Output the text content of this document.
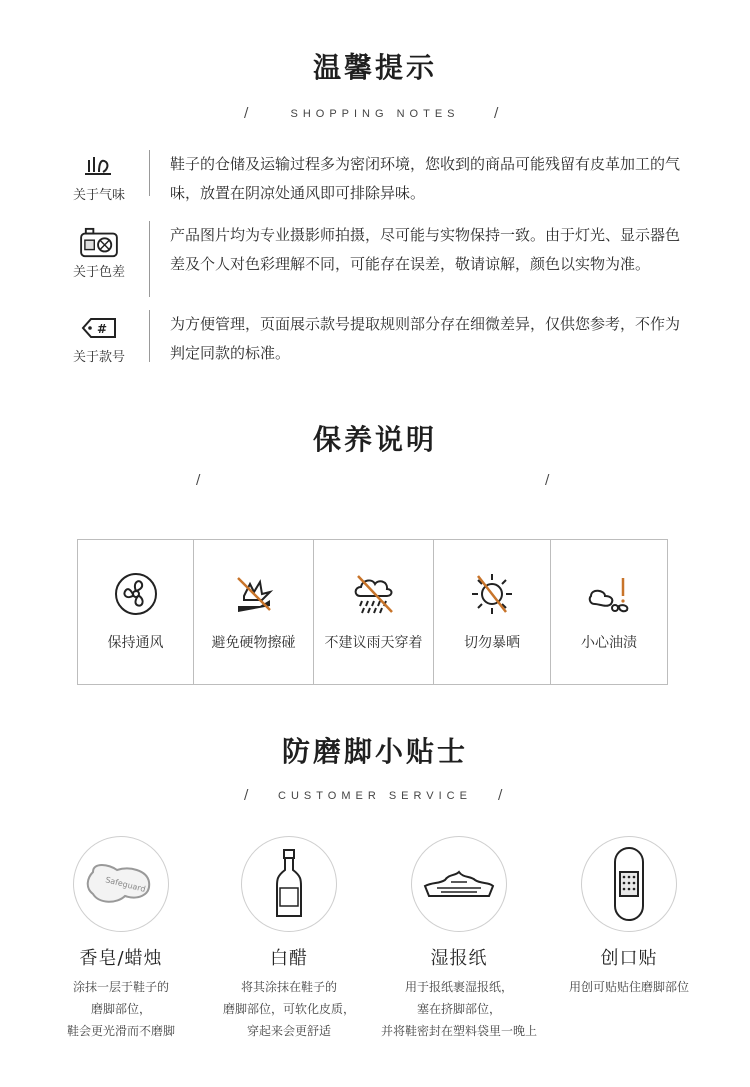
温馨提示
/	SHOPPING NOTES	/
关于气味
鞋子的仓储及运输过程多为密闭环境，您收到的商品可能残留有皮革加工的气味，放置在阴凉处通风即可排除异味。
关于色差
产品图片均为专业摄影师拍摄，尽可能与实物保持一致。由于灯光、显示器色差及个人对色彩理解不同，可能存在误差，敬请谅解，颜色以实物为准。
#
关于款号
为方便管理，页面展示款号提取规则部分存在细微差异，仅供您参考，不作为判定同款的标准。
保养说明
/	/
保持通风	避免硬物擦碰	不建议雨天穿着	切勿暴晒	小心油渍
防磨脚小贴士
/	CUSTOMER SERVICE	/
Safeguard
香皂/蜡烛
涂抹一层于鞋子的
磨脚部位，
鞋会更光滑而不磨脚
白醋
将其涂抹在鞋子的
磨脚部位，可软化皮质，
穿起来会更舒适
湿报纸
用于报纸裹湿报纸，
塞在挤脚部位，
并将鞋密封在塑料袋里一晚上
创口贴
用创可贴贴住磨脚部位
